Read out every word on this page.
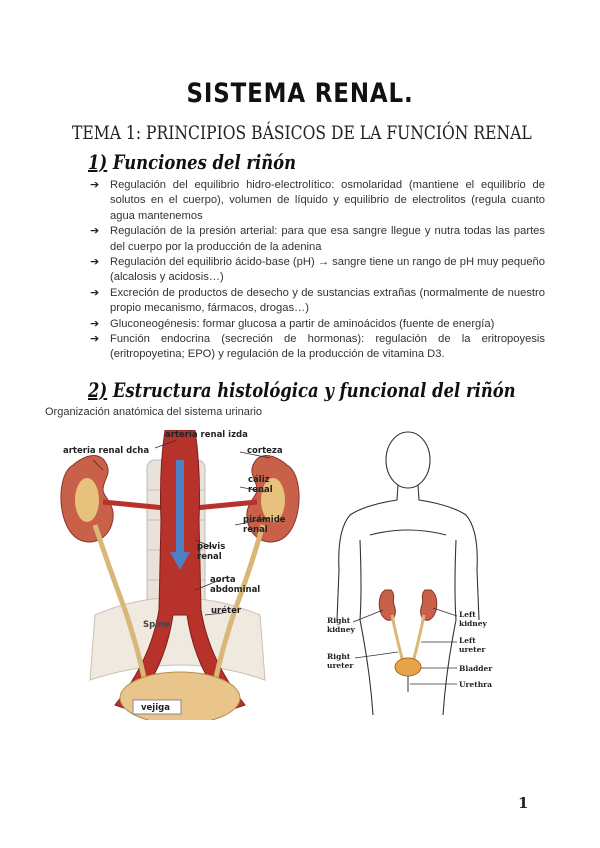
SISTEMA RENAL.
TEMA 1: PRINCIPIOS BÁSICOS DE LA FUNCIÓN RENAL
1) Funciones del riñón
➔ Regulación del equilibrio hidro-electrolítico: osmolaridad (mantiene el equilibrio de solutos en el cuerpo), volumen de líquido y equilibrio de electrolitos (regula cuanto agua mantenemos
➔ Regulación de la presión arterial: para que esa sangre llegue y nutra todas las partes del cuerpo por la producción de la adenina
➔ Regulación del equilibrio ácido-base (pH) → sangre tiene un rango de pH muy pequeño (alcalosis y acidosis…)
➔ Excreción de productos de desecho y de sustancias extrañas (normalmente de nuestro propio mecanismo, fármacos, drogas…)
➔ Gluconeogénesis: formar glucosa a partir de aminoácidos (fuente de energía)
➔ Función endocrina (secreción de hormonas): regulación de la eritropoyesis (eritropoyetina; EPO) y regulación de la producción de vitamina D3.
2) Estructura histológica y funcional del riñón
Organización anatómica del sistema urinario
arteria renal izda
arteria renal dcha	corteza
cáliz
renal
pirámide
renal
pelvis
renal
aorta
abdominal
uréter
Spine
vejiga
Right
kidney
Left
kidney
Left
ureter
Right
ureter	Bladder
Urethra
1
